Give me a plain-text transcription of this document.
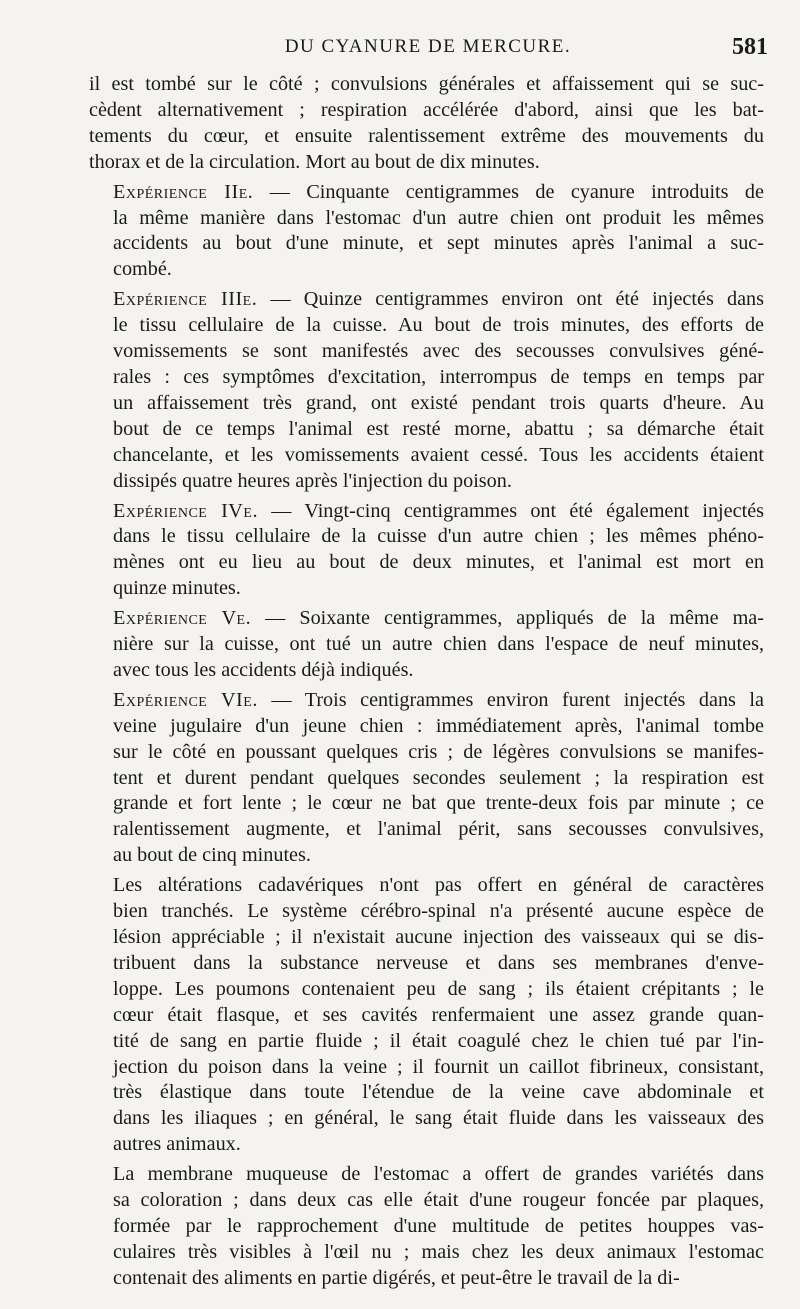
DU CYANURE DE MERCURE.	581
il est tombé sur le côté ; convulsions générales et affaissement qui se suc-
cèdent alternativement ; respiration accélérée d'abord, ainsi que les bat-
tements du cœur, et ensuite ralentissement extrême des mouvements du
thorax et de la circulation. Mort au bout de dix minutes.
Expérience IIe. — Cinquante centigrammes de cyanure introduits de
la même manière dans l'estomac d'un autre chien ont produit les mêmes
accidents au bout d'une minute, et sept minutes après l'animal a suc-
combé.
Expérience IIIe. — Quinze centigrammes environ ont été injectés dans
le tissu cellulaire de la cuisse. Au bout de trois minutes, des efforts de
vomissements se sont manifestés avec des secousses convulsives géné-
rales : ces symptômes d'excitation, interrompus de temps en temps par
un affaissement très grand, ont existé pendant trois quarts d'heure. Au
bout de ce temps l'animal est resté morne, abattu ; sa démarche était
chancelante, et les vomissements avaient cessé. Tous les accidents étaient
dissipés quatre heures après l'injection du poison.
Expérience IVe. — Vingt-cinq centigrammes ont été également injectés
dans le tissu cellulaire de la cuisse d'un autre chien ; les mêmes phéno-
mènes ont eu lieu au bout de deux minutes, et l'animal est mort en
quinze minutes.
Expérience Ve. — Soixante centigrammes, appliqués de la même ma-
nière sur la cuisse, ont tué un autre chien dans l'espace de neuf minutes,
avec tous les accidents déjà indiqués.
Expérience VIe. — Trois centigrammes environ furent injectés dans la
veine jugulaire d'un jeune chien : immédiatement après, l'animal tombe
sur le côté en poussant quelques cris ; de légères convulsions se manifes-
tent et durent pendant quelques secondes seulement ; la respiration est
grande et fort lente ; le cœur ne bat que trente-deux fois par minute ; ce
ralentissement augmente, et l'animal périt, sans secousses convulsives,
au bout de cinq minutes.
Les altérations cadavériques n'ont pas offert en général de caractères
bien tranchés. Le système cérébro-spinal n'a présenté aucune espèce de
lésion appréciable ; il n'existait aucune injection des vaisseaux qui se dis-
tribuent dans la substance nerveuse et dans ses membranes d'enve-
loppe. Les poumons contenaient peu de sang ; ils étaient crépitants ; le
cœur était flasque, et ses cavités renfermaient une assez grande quan-
tité de sang en partie fluide ; il était coagulé chez le chien tué par l'in-
jection du poison dans la veine ; il fournit un caillot fibrineux, consistant,
très élastique dans toute l'étendue de la veine cave abdominale et
dans les iliaques ; en général, le sang était fluide dans les vaisseaux des
autres animaux.
La membrane muqueuse de l'estomac a offert de grandes variétés dans
sa coloration ; dans deux cas elle était d'une rougeur foncée par plaques,
formée par le rapprochement d'une multitude de petites houppes vas-
culaires très visibles à l'œil nu ; mais chez les deux animaux l'estomac
contenait des aliments en partie digérés, et peut-être le travail de la di-
